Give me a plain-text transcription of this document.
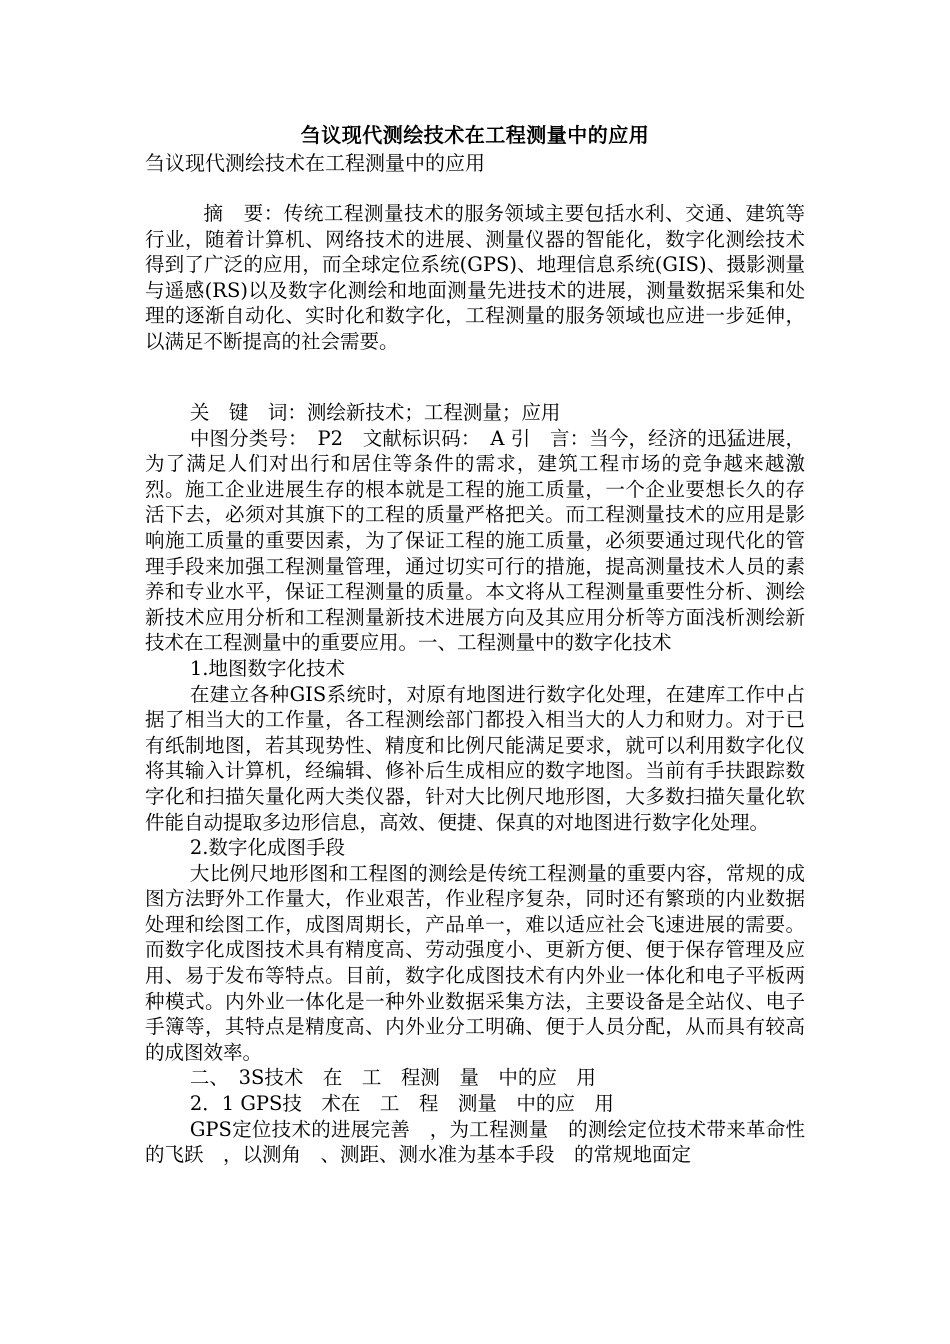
刍议现代测绘技术在工程测量中的应用
刍议现代测绘技术在工程测量中的应用

摘　要：传统工程测量技术的服务领域主要包括水利、交通、建筑等行业，随着计算机、网络技术的进展、测量仪器的智能化，数字化测绘技术得到了广泛的应用，而全球定位系统(GPS)、地理信息系统(GIS)、摄影测量与遥感(RS)以及数字化测绘和地面测量先进技术的进展，测量数据采集和处理的逐渐自动化、实时化和数字化，工程测量的服务领域也应进一步延伸，以满足不断提高的社会需要。

关　键　词：测绘新技术；工程测量；应用

中图分类号：　P2　文献标识码：　A 引　言：当今，经济的迅猛进展，为了满足人们对出行和居住等条件的需求，建筑工程市场的竞争越来越激烈。施工企业进展生存的根本就是工程的施工质量，一个企业要想长久的存活下去，必须对其旗下的工程的质量严格把关。而工程测量技术的应用是影响施工质量的重要因素，为了保证工程的施工质量，必须要通过现代化的管理手段来加强工程测量管理，通过切实可行的措施，提高测量技术人员的素养和专业水平，保证工程测量的质量。本文将从工程测量重要性分析、测绘新技术应用分析和工程测量新技术进展方向及其应用分析等方面浅析测绘新技术在工程测量中的重要应用。一、工程测量中的数字化技术

1.地图数字化技术

在建立各种GIS系统时，对原有地图进行数字化处理，在建库工作中占据了相当大的工作量，各工程测绘部门都投入相当大的人力和财力。对于已有纸制地图，若其现势性、精度和比例尺能满足要求，就可以利用数字化仪将其输入计算机，经编辑、修补后生成相应的数字地图。当前有手扶跟踪数字化和扫描矢量化两大类仪器，针对大比例尺地形图，大多数扫描矢量化软件能自动提取多边形信息，高效、便捷、保真的对地图进行数字化处理。

2.数字化成图手段

大比例尺地形图和工程图的测绘是传统工程测量的重要内容，常规的成图方法野外工作量大，作业艰苦，作业程序复杂，同时还有繁琐的内业数据处理和绘图工作，成图周期长，产品单一，难以适应社会飞速进展的需要。而数字化成图技术具有精度高、劳动强度小、更新方便、便于保存管理及应用、易于发布等特点。目前，数字化成图技术有内外业一体化和电子平板两种模式。内外业一体化是一种外业数据采集方法，主要设备是全站仪、电子手簿等，其特点是精度高、内外业分工明确、便于人员分配，从而具有较高的成图效率。

二、　3S技术　在　工　程测　量　中的应　用

2．1 GPS技　术在　工　程　测量　中的应　用

GPS定位技术的进展完善　，为工程测量　的测绘定位技术带来革命性的飞跃　，以测角　、测距、测水准为基本手段　的常规地面定
